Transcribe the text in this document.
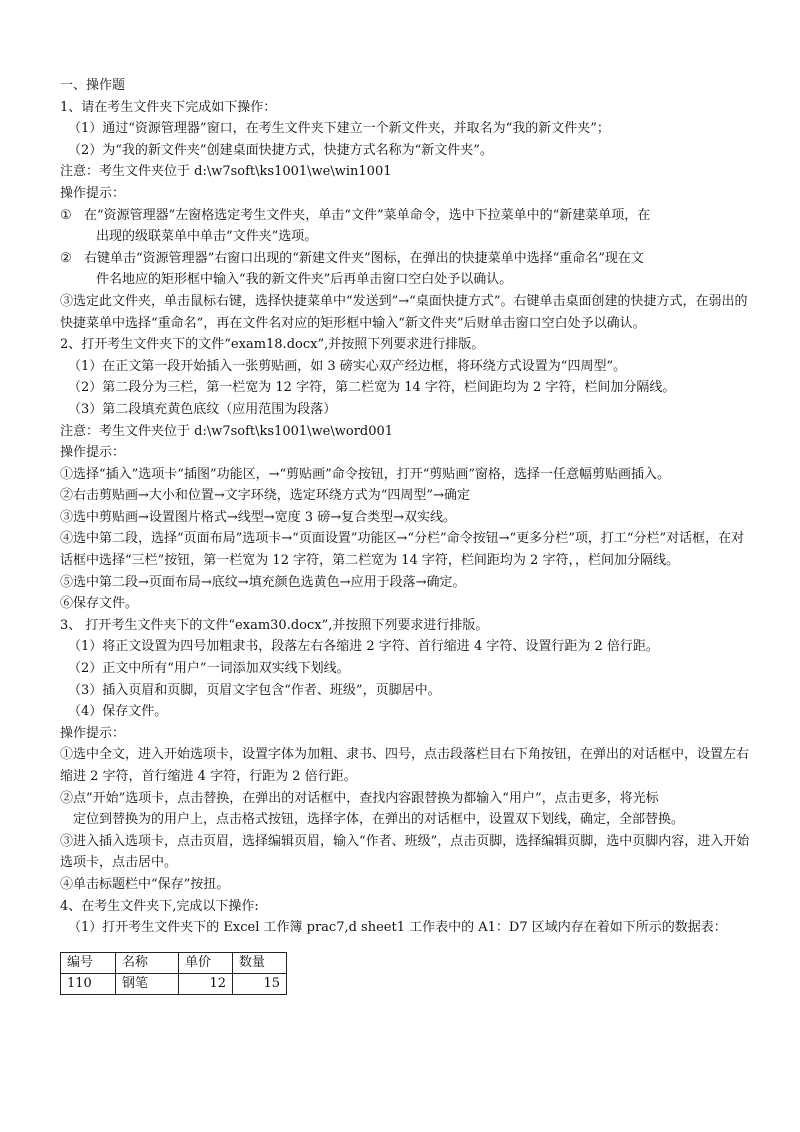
一、操作题

1、请在考生文件夹下完成如下操作：

（1）通过“资源管理器”窗口，在考生文件夹下建立一个新文件夹，并取名为“我的新文件夹”；

（2）为“我的新文件夹”创建桌面快捷方式，快捷方式名称为“新文件夹”。

注意：考生文件夹位于 d:\w7soft\ks1001\we\win1001

操作提示：

① 在“资源管理器”左窗格选定考生文件夹，单击“文件”菜单命令，选中下拉菜单中的“新建菜单项，在
出现的级联菜单中单击“文件夹”选项。
② 右键单击“资源管理器”右窗口出现的“新建文件夹”图标，在弹出的快捷菜单中选择“重命名”现在文
件名地应的矩形框中输入“我的新文件夹”后再单击窗口空白处予以确认。

③选定此文件夹，单击鼠标右键，选择快捷菜单中“发送到”→“桌面快捷方式”。右键单击桌面创建的快捷方式，在弱出的快捷菜单中选择“重命名”，再在文件名对应的矩形框中输入“新文件夹”后财单击窗口空白处予以确认。

2、打开考生文件夹下的文件“exam18.docx”,并按照下列要求进行排版。

（1）在正文第一段开始插入一张剪贴画，如 3 磅实心双产经边框，将环绕方式设置为“四周型”。

（2）第二段分为三栏，第一栏宽为 12 字符，第二栏宽为 14 字符，栏间距均为 2 字符，栏间加分隔线。

（3）第二段填充黄色底纹（应用范围为段落）

注意：考生文件夹位于 d:\w7soft\ks1001\we\word001

操作提示：

①选择“插入”选项卡“插图”功能区，→“剪贴画”命令按钮，打开“剪贴画”窗格，选择一任意幅剪贴画插入。

②右击剪贴画→大小和位置→文字环绕，选定环绕方式为“四周型”→确定

③选中剪贴画→设置图片格式→线型→宽度 3 磅→复合类型→双实线。

④选中第二段，选择“页面布局”选项卡→“页面设置”功能区→“分栏”命令按钮→“更多分栏”项，打工“分栏”对话框，在对话框中选择“三栏”按钮，第一栏宽为 12 字符，第二栏宽为 14 字符，栏间距均为 2 字符，，栏间加分隔线。

⑤选中第二段→页面布局→底纹→填充颜色选黄色→应用于段落→确定。

⑥保存文件。

3、 打开考生文件夹下的文件“exam30.docx”,并按照下列要求进行排版。

（1）将正文设置为四号加粗隶书，段落左右各缩进 2 字符、首行缩进 4 字符、设置行距为 2 倍行距。

（2）正文中所有“用户”一词添加双实线下划线。

（3）插入页眉和页脚，页眉文字包含“作者、班级”，页脚居中。

（4）保存文件。

操作提示：

①选中全文，进入开始选项卡，设置字体为加粗、隶书、四号，点击段落栏目右下角按钮，在弹出的对话框中，设置左右缩进 2 字符，首行缩进 4 字符，行距为 2 倍行距。

②点”开始”选项卡，点击替换，在弹出的对话框中，查找内容跟替换为都输入“用户”，点击更多，将光标

定位到替换为的用户上，点击格式按钮，选择字体，在弹出的对话框中，设置双下划线，确定，全部替换。

③进入插入选项卡，点击页眉，选择编辑页眉，输入“作者、班级”，点击页脚，选择编辑页脚，选中页脚内容，进入开始选项卡，点击居中。

④单击标题栏中“保存”按扭。

4、在考生文件夹下,完成以下操作:

（1）打开考生文件夹下的 Excel 工作簿 prac7,d sheet1 工作表中的 A1：D7 区域内存在着如下所示的数据表：

编号	名称	单价	数量
110	钢笔	12	15
